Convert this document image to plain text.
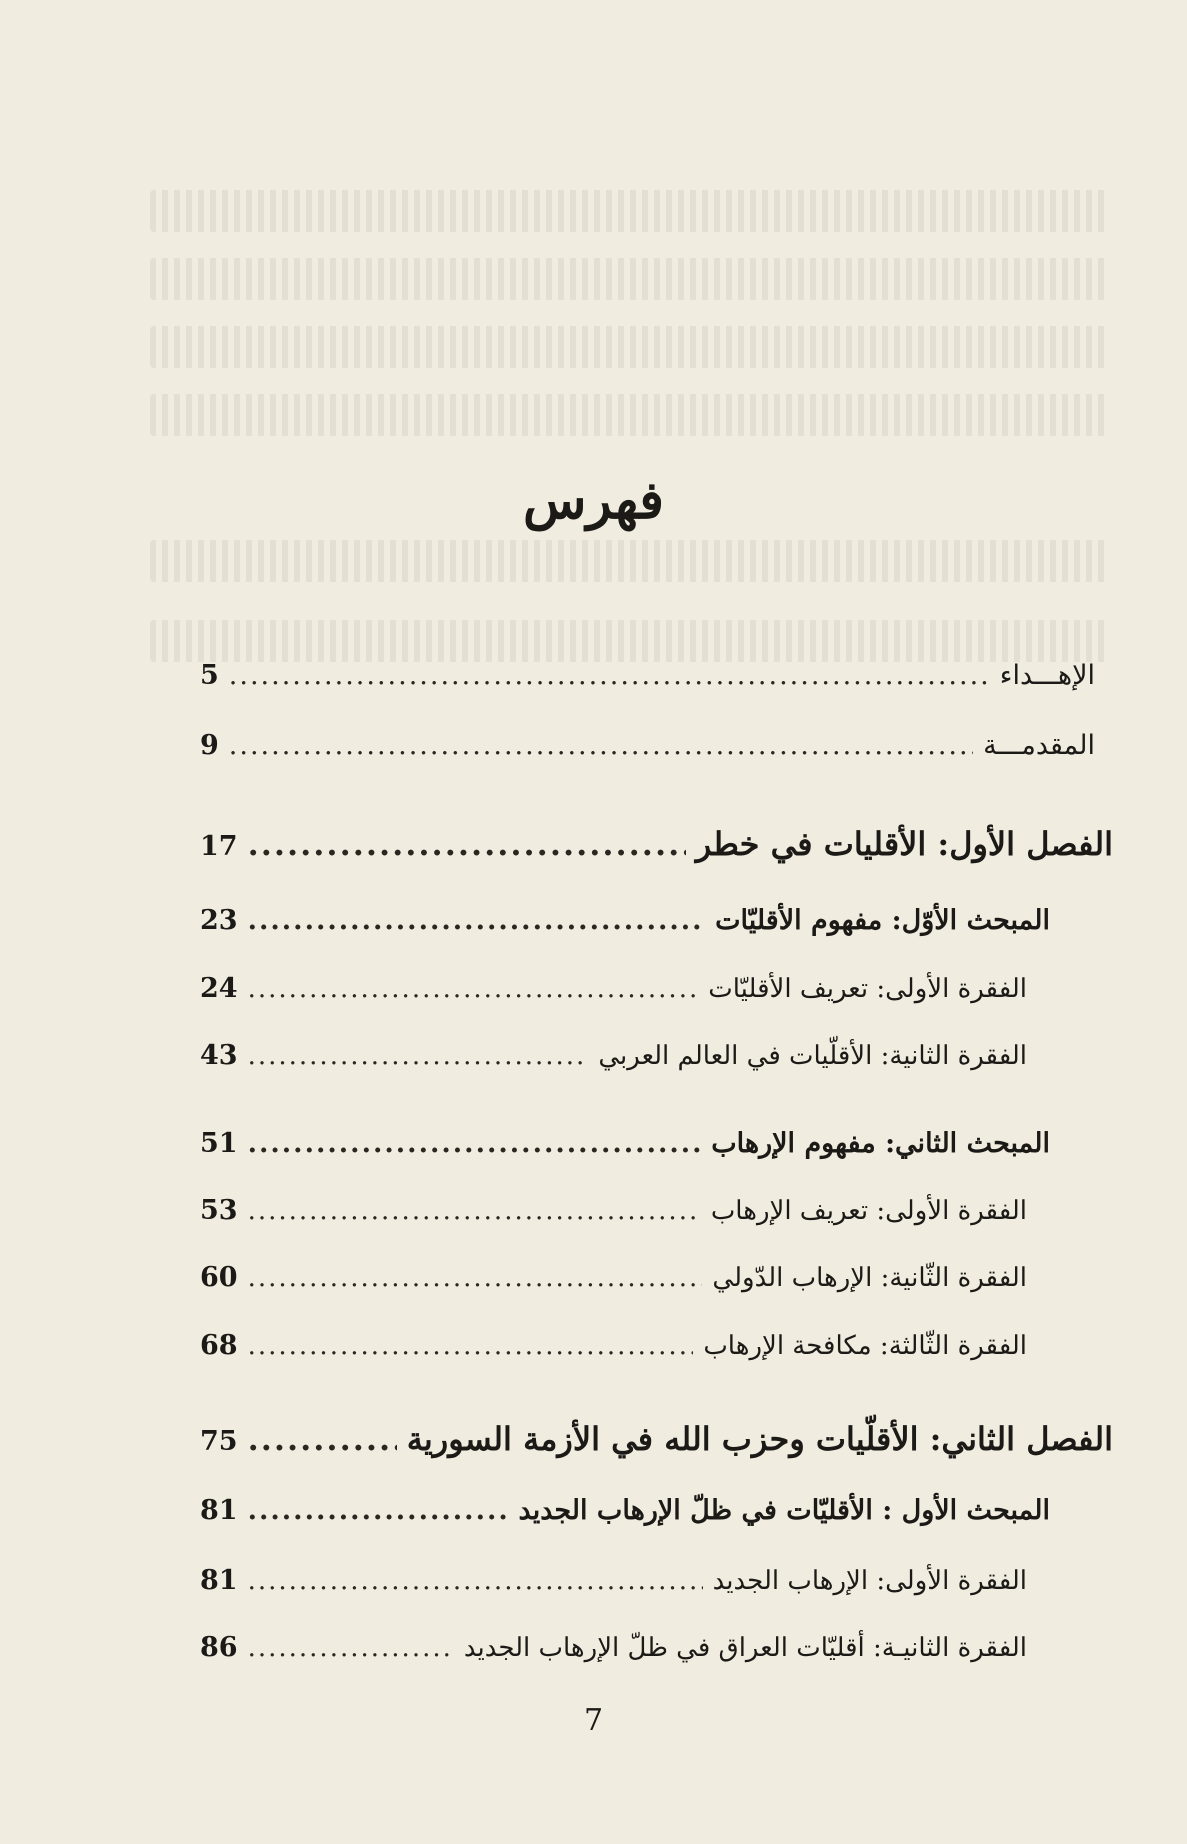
فهرس
الإهـــداء
.....
5
المقدمـــة
.....
9
الفصل الأول: الأقليات في خطر
.....
17
المبحث الأوّل: مفهوم الأقليّات
.....
23
الفقرة الأولى: تعريف الأقليّات
.....
24
الفقرة الثانية: الأقلّيات في العالم العربي
.....
43
المبحث الثاني: مفهوم الإرهاب
.....
51
الفقرة الأولى: تعريف الإرهاب
.....
53
الفقرة الثّانية: الإرهاب الدّولي
.....
60
الفقرة الثّالثة: مكافحة الإرهاب
.....
68
الفصل الثاني: الأقلّيات وحزب الله في الأزمة السورية
.....
75
المبحث الأول : الأقليّات في ظلّ الإرهاب الجديد
.....
81
الفقرة الأولى: الإرهاب الجديد
.....
81
الفقرة الثانيـة: أقليّات العراق في ظلّ الإرهاب الجديد
.....
86
7
